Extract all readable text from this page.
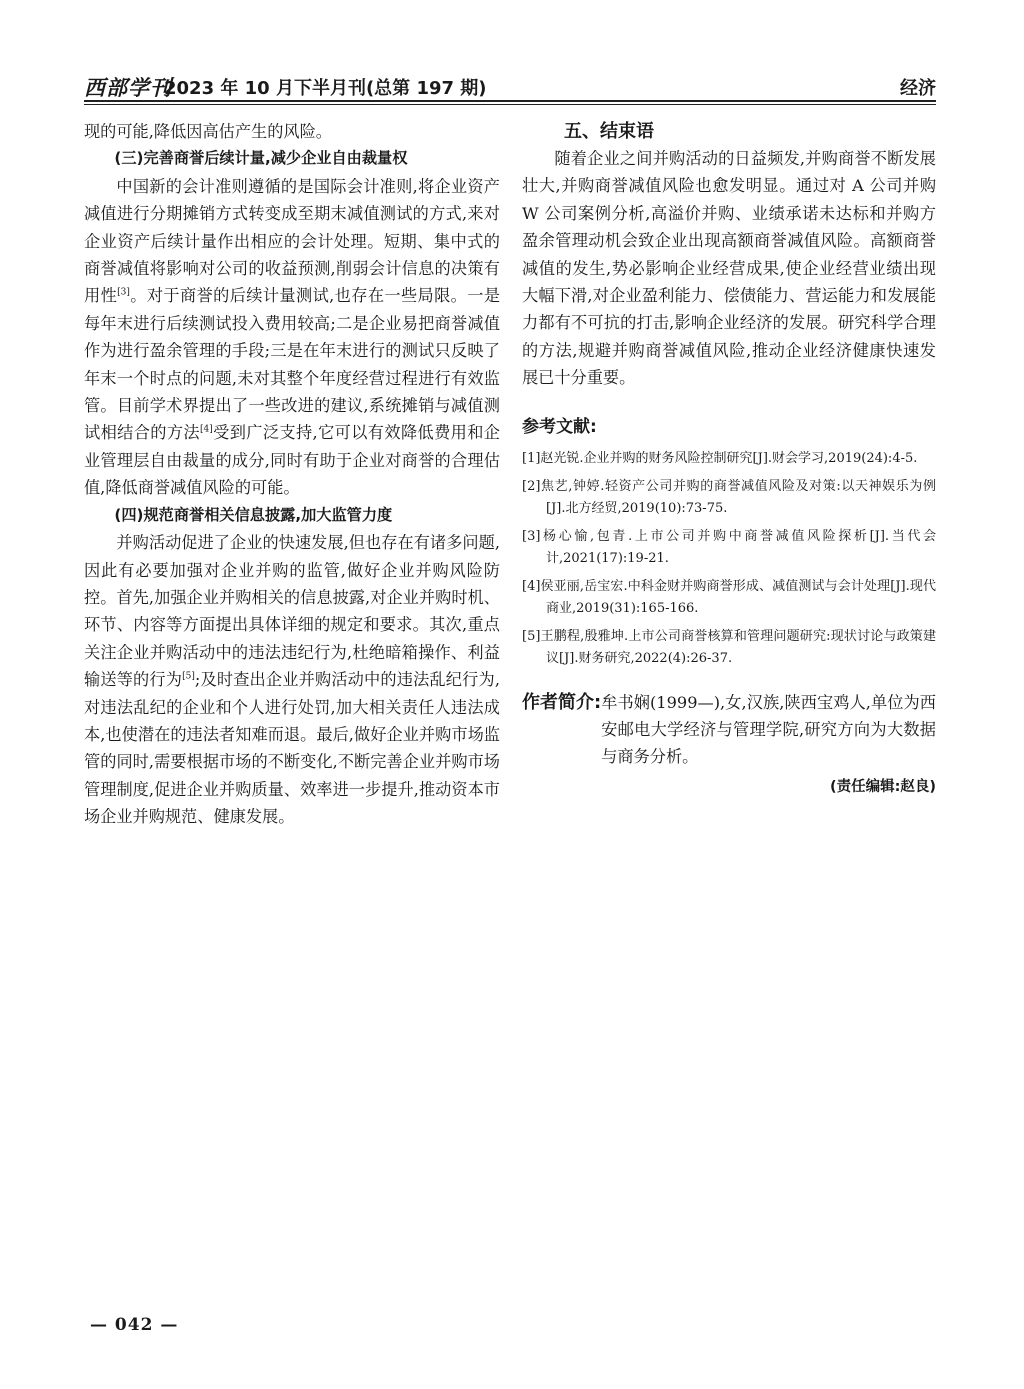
西部学刊
2023 年 10 月下半月刊(总第 197 期)	经济

现的可能,降低因高估产生的风险。

(三)完善商誉后续计量,减少企业自由裁量权

中国新的会计准则遵循的是国际会计准则,将企业资产减值进行分期摊销方式转变成至期末减值测试的方式,来对企业资产后续计量作出相应的会计处理。短期、集中式的商誉减值将影响对公司的收益预测,削弱会计信息的决策有用性[3]。对于商誉的后续计量测试,也存在一些局限。一是每年末进行后续测试投入费用较高;二是企业易把商誉减值作为进行盈余管理的手段;三是在年末进行的测试只反映了年末一个时点的问题,未对其整个年度经营过程进行有效监管。目前学术界提出了一些改进的建议,系统摊销与减值测试相结合的方法[4]受到广泛支持,它可以有效降低费用和企业管理层自由裁量的成分,同时有助于企业对商誉的合理估值,降低商誉减值风险的可能。

(四)规范商誉相关信息披露,加大监管力度

并购活动促进了企业的快速发展,但也存在有诸多问题,因此有必要加强对企业并购的监管,做好企业并购风险防控。首先,加强企业并购相关的信息披露,对企业并购时机、环节、内容等方面提出具体详细的规定和要求。其次,重点关注企业并购活动中的违法违纪行为,杜绝暗箱操作、利益输送等的行为[5];及时查出企业并购活动中的违法乱纪行为,对违法乱纪的企业和个人进行处罚,加大相关责任人违法成本,也使潜在的违法者知难而退。最后,做好企业并购市场监管的同时,需要根据市场的不断变化,不断完善企业并购市场管理制度,促进企业并购质量、效率进一步提升,推动资本市场企业并购规范、健康发展。

五、结束语

随着企业之间并购活动的日益频发,并购商誉不断发展壮大,并购商誉减值风险也愈发明显。通过对 A 公司并购 W 公司案例分析,高溢价并购、业绩承诺未达标和并购方盈余管理动机会致企业出现高额商誉减值风险。高额商誉减值的发生,势必影响企业经营成果,使企业经营业绩出现大幅下滑,对企业盈利能力、偿债能力、营运能力和发展能力都有不可抗的打击,影响企业经济的发展。研究科学合理的方法,规避并购商誉减值风险,推动企业经济健康快速发展已十分重要。

参考文献:
[1]赵光锐.企业并购的财务风险控制研究[J].财会学习,2019(24):4-5.
[2]焦艺,钟婷.轻资产公司并购的商誉减值风险及对策:以天神娱乐为例[J].北方经贸,2019(10):73-75.
[3]杨心愉,包青.上市公司并购中商誉减值风险探析[J].当代会计,2021(17):19-21.
[4]侯亚丽,岳宝宏.中科金财并购商誉形成、减值测试与会计处理[J].现代商业,2019(31):165-166.
[5]王鹏程,殷雅坤.上市公司商誉核算和管理问题研究:现状讨论与政策建议[J].财务研究,2022(4):26-37.
作者简介: 牟书娴(1999—),女,汉族,陕西宝鸡人,单位为西安邮电大学经济与管理学院,研究方向为大数据与商务分析。
(责任编辑:赵良)
— 042 —
